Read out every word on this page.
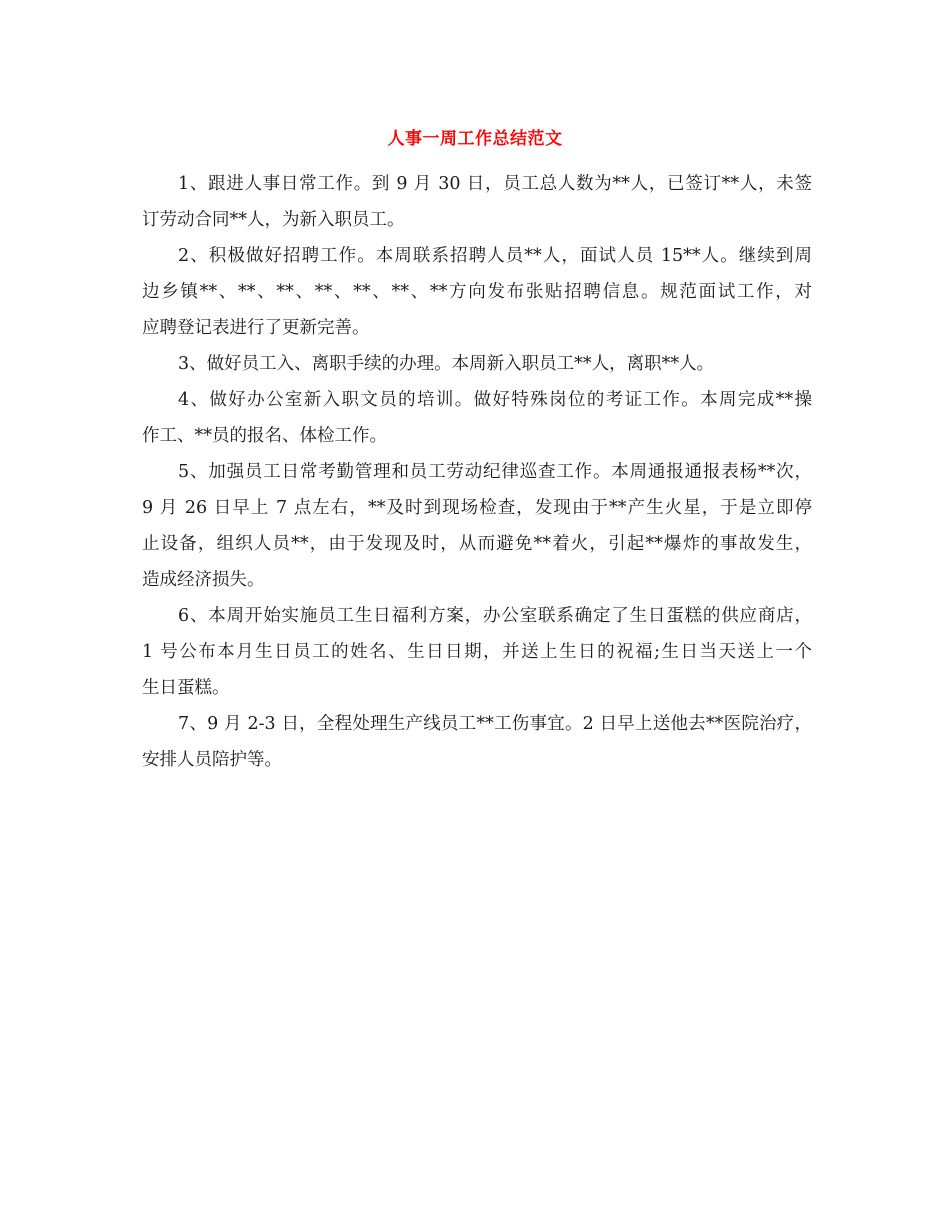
人事一周工作总结范文
1、跟进人事日常工作。到 9 月 30 日，员工总人数为**人，已签订**人，未签
订劳动合同**人，为新入职员工。
2、积极做好招聘工作。本周联系招聘人员**人，面试人员 15**人。继续到周
边乡镇**、**、**、**、**、**、**方向发布张贴招聘信息。规范面试工作，对
应聘登记表进行了更新完善。
3、做好员工入、离职手续的办理。本周新入职员工**人，离职**人。
4、做好办公室新入职文员的培训。做好特殊岗位的考证工作。本周完成**操
作工、**员的报名、体检工作。
5、加强员工日常考勤管理和员工劳动纪律巡查工作。本周通报通报表杨**次，
9 月 26 日早上 7 点左右，**及时到现场检查，发现由于**产生火星，于是立即停
止设备，组织人员**，由于发现及时，从而避免**着火，引起**爆炸的事故发生，
造成经济损失。
6、本周开始实施员工生日福利方案，办公室联系确定了生日蛋糕的供应商店，
1 号公布本月生日员工的姓名、生日日期，并送上生日的祝福;生日当天送上一个
生日蛋糕。
7、9 月 2-3 日，全程处理生产线员工**工伤事宜。2 日早上送他去**医院治疗，
安排人员陪护等。
